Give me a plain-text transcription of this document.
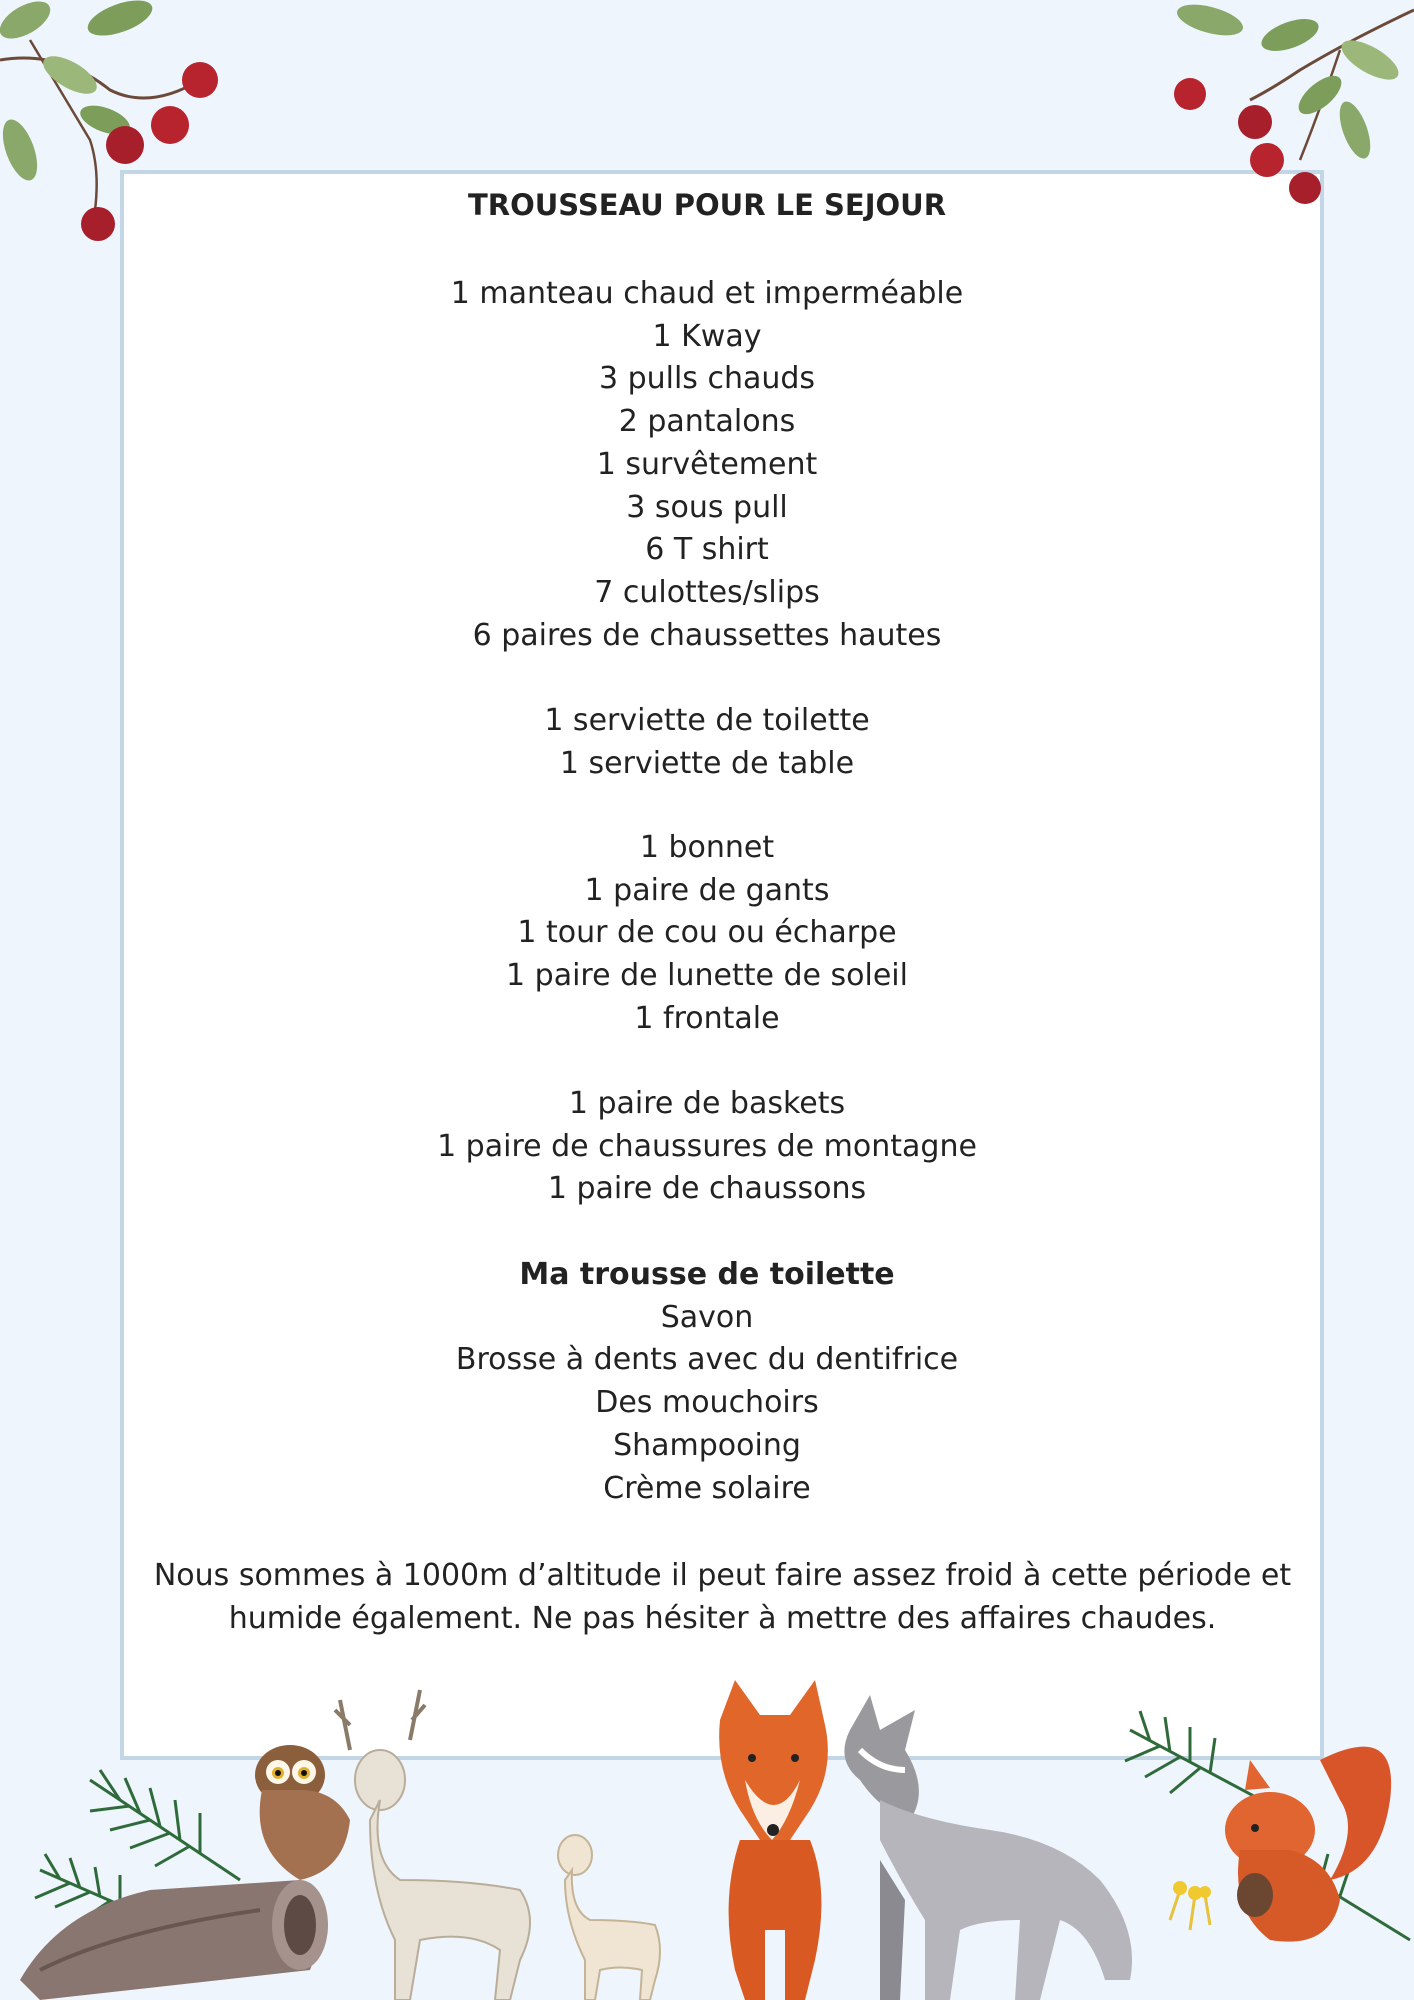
TROUSSEAU POUR LE SEJOUR
1 manteau chaud et imperméable
1 Kway
3 pulls chauds
2 pantalons
1 survêtement
3 sous pull
6 T shirt
7 culottes/slips
6 paires de chaussettes hautes
1 serviette de toilette
1 serviette de table
1 bonnet
1 paire de gants
1 tour de cou ou écharpe
1 paire de lunette de soleil
1 frontale
1 paire de baskets
1 paire de chaussures de montagne
1 paire de chaussons
Ma trousse de toilette
Savon
Brosse à dents avec du dentifrice
Des mouchoirs
Shampooing
Crème solaire

Nous sommes à 1000m d’altitude il peut faire assez froid à cette période et humide également. Ne pas hésiter à mettre des affaires chaudes.
